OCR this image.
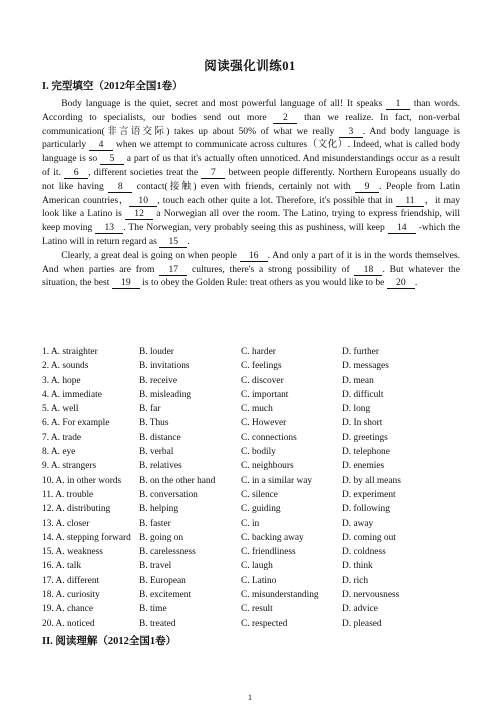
阅读强化训练01
I. 完型填空（2012年全国1卷）

Body language is the quiet, secret and most powerful language of all! It speaks 1 than words. According to specialists, our bodies send out more 2 than we realize. In fact, non-verbal communication(非言语交际) takes up about 50% of what we really 3 . And body language is particularly 4 when we attempt to communicate across cultures（文化）. Indeed, what is called body language is so 5 a part of us that it's actually often unnoticed. And misunderstandings occur as a result of it. 6 , different societies treat the 7 between people differently. Northern Europeans usually do not like having 8 contact(接触) even with friends, certainly not with 9 . People from Latin American countries， 10 , touch each other quite a lot. Therefore, it's possible that in 11 ，it may look like a Latino is 12 a Norwegian all over the room. The Latino, trying to express friendship, will keep moving 13 . The Norwegian, very probably seeing this as pushiness, will keep 14 -which the Latino will in return regard as 15 .

Clearly, a great deal is going on when people 16 . And only a part of it is in the words themselves. And when parties are from 17 cultures, there's a strong possibility of 18 . But whatever the situation, the best 19 is to obey the Golden Rule: treat others as you would like to be 20 .

1. A. straighter	B. louder	C. harder	D. further
2. A. sounds	B. invitations	C. feelings	D. messages
3. A. hope	B. receive	C. discover	D. mean
4. A. immediate	B. misleading	C. important	D. difficult
5. A. well	B. far	C. much	D. long
6. A. For example	B. Thus	C. However	D. In short
7. A. trade	B. distance	C. connections	D. greetings
8. A. eye	B. verbal	C. bodily	D. telephone
9. A. strangers	B. relatives	C. neighbours	D. enemies
10. A. in other words	B. on the other hand	C. in a similar way	D. by all means
11. A. trouble	B. conversation	C. silence	D. experiment
12. A. distributing	B. helping	C. guiding	D. following
13. A. closer	B. faster	C. in	D. away
14. A. stepping forward B. going on	C. backing away	D. coming out
15. A. weakness	B. carelessness	C. friendliness	D. coldness
16. A. talk	B. travel	C. laugh	D. think
17. A. different	B. European	C. Latino	D. rich
18. A. curiosity	B. excitement	C. misunderstanding	D. nervousness
19. A. chance	B. time	C. result	D. advice
20. A. noticed	B. treated	C. respected	D. pleased
II. 阅读理解（2012全国1卷）
1
